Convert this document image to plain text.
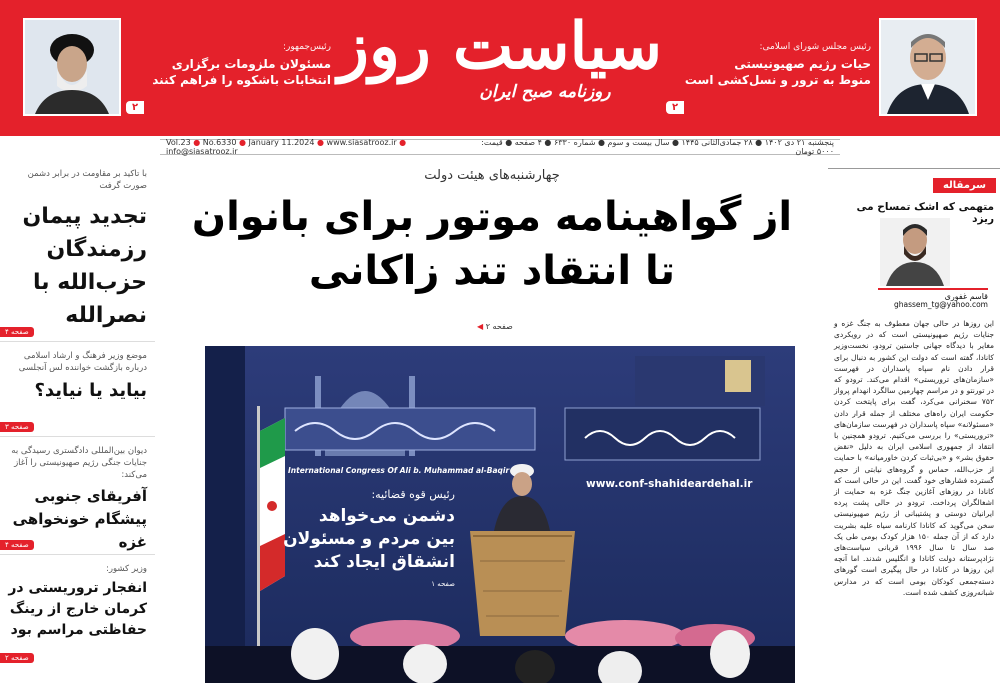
رئیس‌جمهور:
مسئولان ملزومات برگزاری
انتخابات باشکوه را فراهم کنند
۲
سیاست روز
روزنامه صبح ایران
رئیس مجلس شورای اسلامی:
حیات رژیم صهیونیستی
منوط به ترور و نسل‌کشی است
۲
Vol.23 ● No.6330 ● January 11.2024 ● www.siasatrooz.ir ● info@siasatrooz.ir
پنجشنبه ۲۱ دی ۱۴۰۲ ● ۲۸ جمادی‌الثانی ۱۴۴۵ ● سال بیست و سوم ● شماره ۶۳۳۰ ● ۴ صفحه ● قیمت: ۵۰۰۰ تومان
با تاکید بر مقاومت در برابر دشمن صورت گرفت
تجدید پیمان رزمندگان حزب‌الله با نصرالله
صفحه ۴
موضع وزیر فرهنگ و ارشاد اسلامی درباره بازگشت خواننده لس آنجلسی
بیاید یا نیاید؟
صفحه ۳
دیوان بین‌المللی دادگستری رسیدگی به جنایات جنگی رژیم صهیونیستی را آغاز می‌کند:
آفریقای جنوبی پیشگام خونخواهی غزه
صفحه ۴
وزیر کشور:
انفجار تروریستی در کرمان خارج از رینگ حفاظتی مراسم بود
صفحه ۲
چهارشنبه‌های هیئت دولت
از گواهینامه موتور برای بانوان
تا انتقاد تند زاکانی
صفحه ۲ ◀
International Congress Of Ali b. Muhammad al-Baqir
www.conf-shahideardehal.ir
رئیس قوه قضائیه:
دشمن می‌خواهد
بین مردم و مسئولان
انشقاق ایجاد کند
صفحه ۱
سرمقاله
متهمی که اشک تمساح می ریزد
قاسم غفوری
ghassem_tg@yahoo.com
این روزها در حالی جهان معطوف به جنگ غزه و جنایات رژیم صهیونیستی است که در رویکردی مغایر با دیدگاه جهانی جاستین ترودو، نخست‌وزیر کانادا، گفته است که دولت این کشور به دنبال برای قرار دادن نام سپاه پاسداران در فهرست «سازمان‌های تروریستی» اقدام می‌کند. ترودو که در تورنتو و در مراسم چهارمین سالگرد انهدام پرواز ۷۵۲ سخنرانی می‌کرد، گفت برای پایتخت کردن حکومت ایران راه‌های مختلف از جمله قرار دادن «مسئولانه» سپاه پاسداران در فهرست سازمان‌های «تروریستی» را بررسی می‌کنیم. ترودو همچنین با انتقاد از جمهوری اسلامی ایران به دلیل «نقض حقوق بشر» و «بی‌ثبات کردن خاورمیانه» با حمایت از حزب‌الله، حماس و گروه‌های نیابتی از حجم گسترده فشارهای خود گفت. این در حالی است که کانادا در روزهای آغازین جنگ غزه به حمایت از اشغالگران پرداخت. ترودو در حالی پشت پرده ایرانیان دوستی و پشتیبانی از رژیم صهیونیستی سخن می‌گوید که کانادا کارنامه سیاه علیه بشریت دارد که از آن جمله ۱۵۰ هزار کودک بومی طی یک صد سال تا سال ۱۹۹۶ قربانی سیاست‌های نژادپرستانه دولت کانادا و انگلیس شدند. اما آنچه این روزها در کانادا در حال پیگیری است گورهای دسته‌جمعی کودکان بومی است که در مدارس شبانه‌روزی کشف شده است.
